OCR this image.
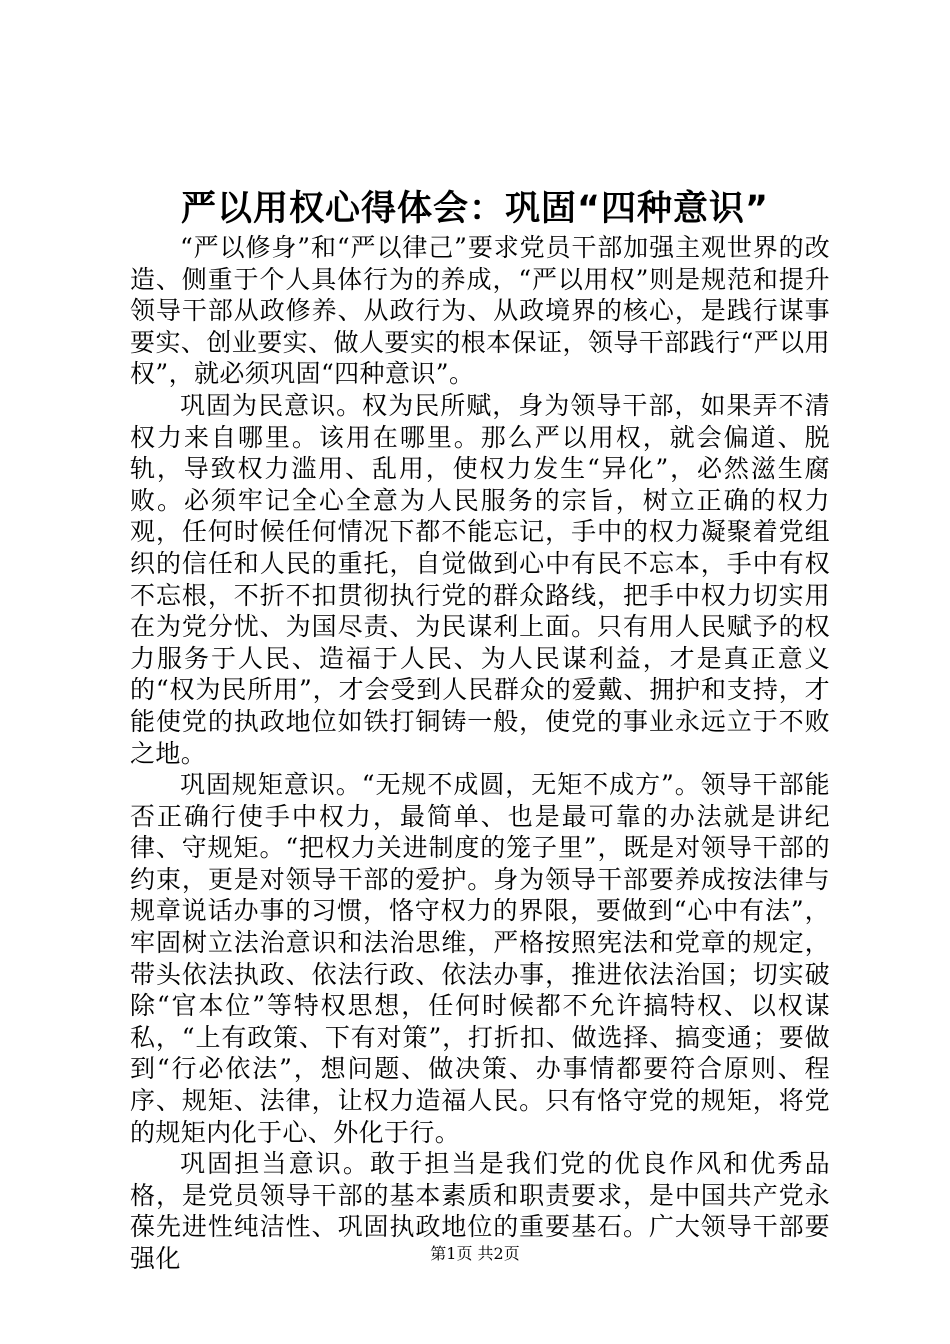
严以用权心得体会：巩固“四种意识”

“严以修身”和“严以律己”要求党员干部加强主观世界的改造、侧重于个人具体行为的养成，“严以用权”则是规范和提升领导干部从政修养、从政行为、从政境界的核心，是践行谋事要实、创业要实、做人要实的根本保证，领导干部践行“严以用权”，就必须巩固“四种意识”。

巩固为民意识。权为民所赋，身为领导干部，如果弄不清权力来自哪里。该用在哪里。那么严以用权，就会偏道、脱轨，导致权力滥用、乱用，使权力发生“异化”，必然滋生腐败。必须牢记全心全意为人民服务的宗旨，树立正确的权力观，任何时候任何情况下都不能忘记，手中的权力凝聚着党组织的信任和人民的重托，自觉做到心中有民不忘本，手中有权不忘根，不折不扣贯彻执行党的群众路线，把手中权力切实用在为党分忧、为国尽责、为民谋利上面。只有用人民赋予的权力服务于人民、造福于人民、为人民谋利益，才是真正意义的“权为民所用”，才会受到人民群众的爱戴、拥护和支持，才能使党的执政地位如铁打铜铸一般，使党的事业永远立于不败之地。

巩固规矩意识。“无规不成圆，无矩不成方”。领导干部能否正确行使手中权力，最简单、也是最可靠的办法就是讲纪律、守规矩。“把权力关进制度的笼子里”，既是对领导干部的约束，更是对领导干部的爱护。身为领导干部要养成按法律与规章说话办事的习惯，恪守权力的界限，要做到“心中有法”，牢固树立法治意识和法治思维，严格按照宪法和党章的规定，带头依法执政、依法行政、依法办事，推进依法治国；切实破除“官本位”等特权思想，任何时候都不允许搞特权、以权谋私，“上有政策、下有对策”，打折扣、做选择、搞变通；要做到“行必依法”，想问题、做决策、办事情都要符合原则、程序、规矩、法律，让权力造福人民。只有恪守党的规矩，将党的规矩内化于心、外化于行。

巩固担当意识。敢于担当是我们党的优良作风和优秀品格，是党员领导干部的基本素质和职责要求，是中国共产党永葆先进性纯洁性、巩固执政地位的重要基石。广大领导干部要强化	第1页 共2页
